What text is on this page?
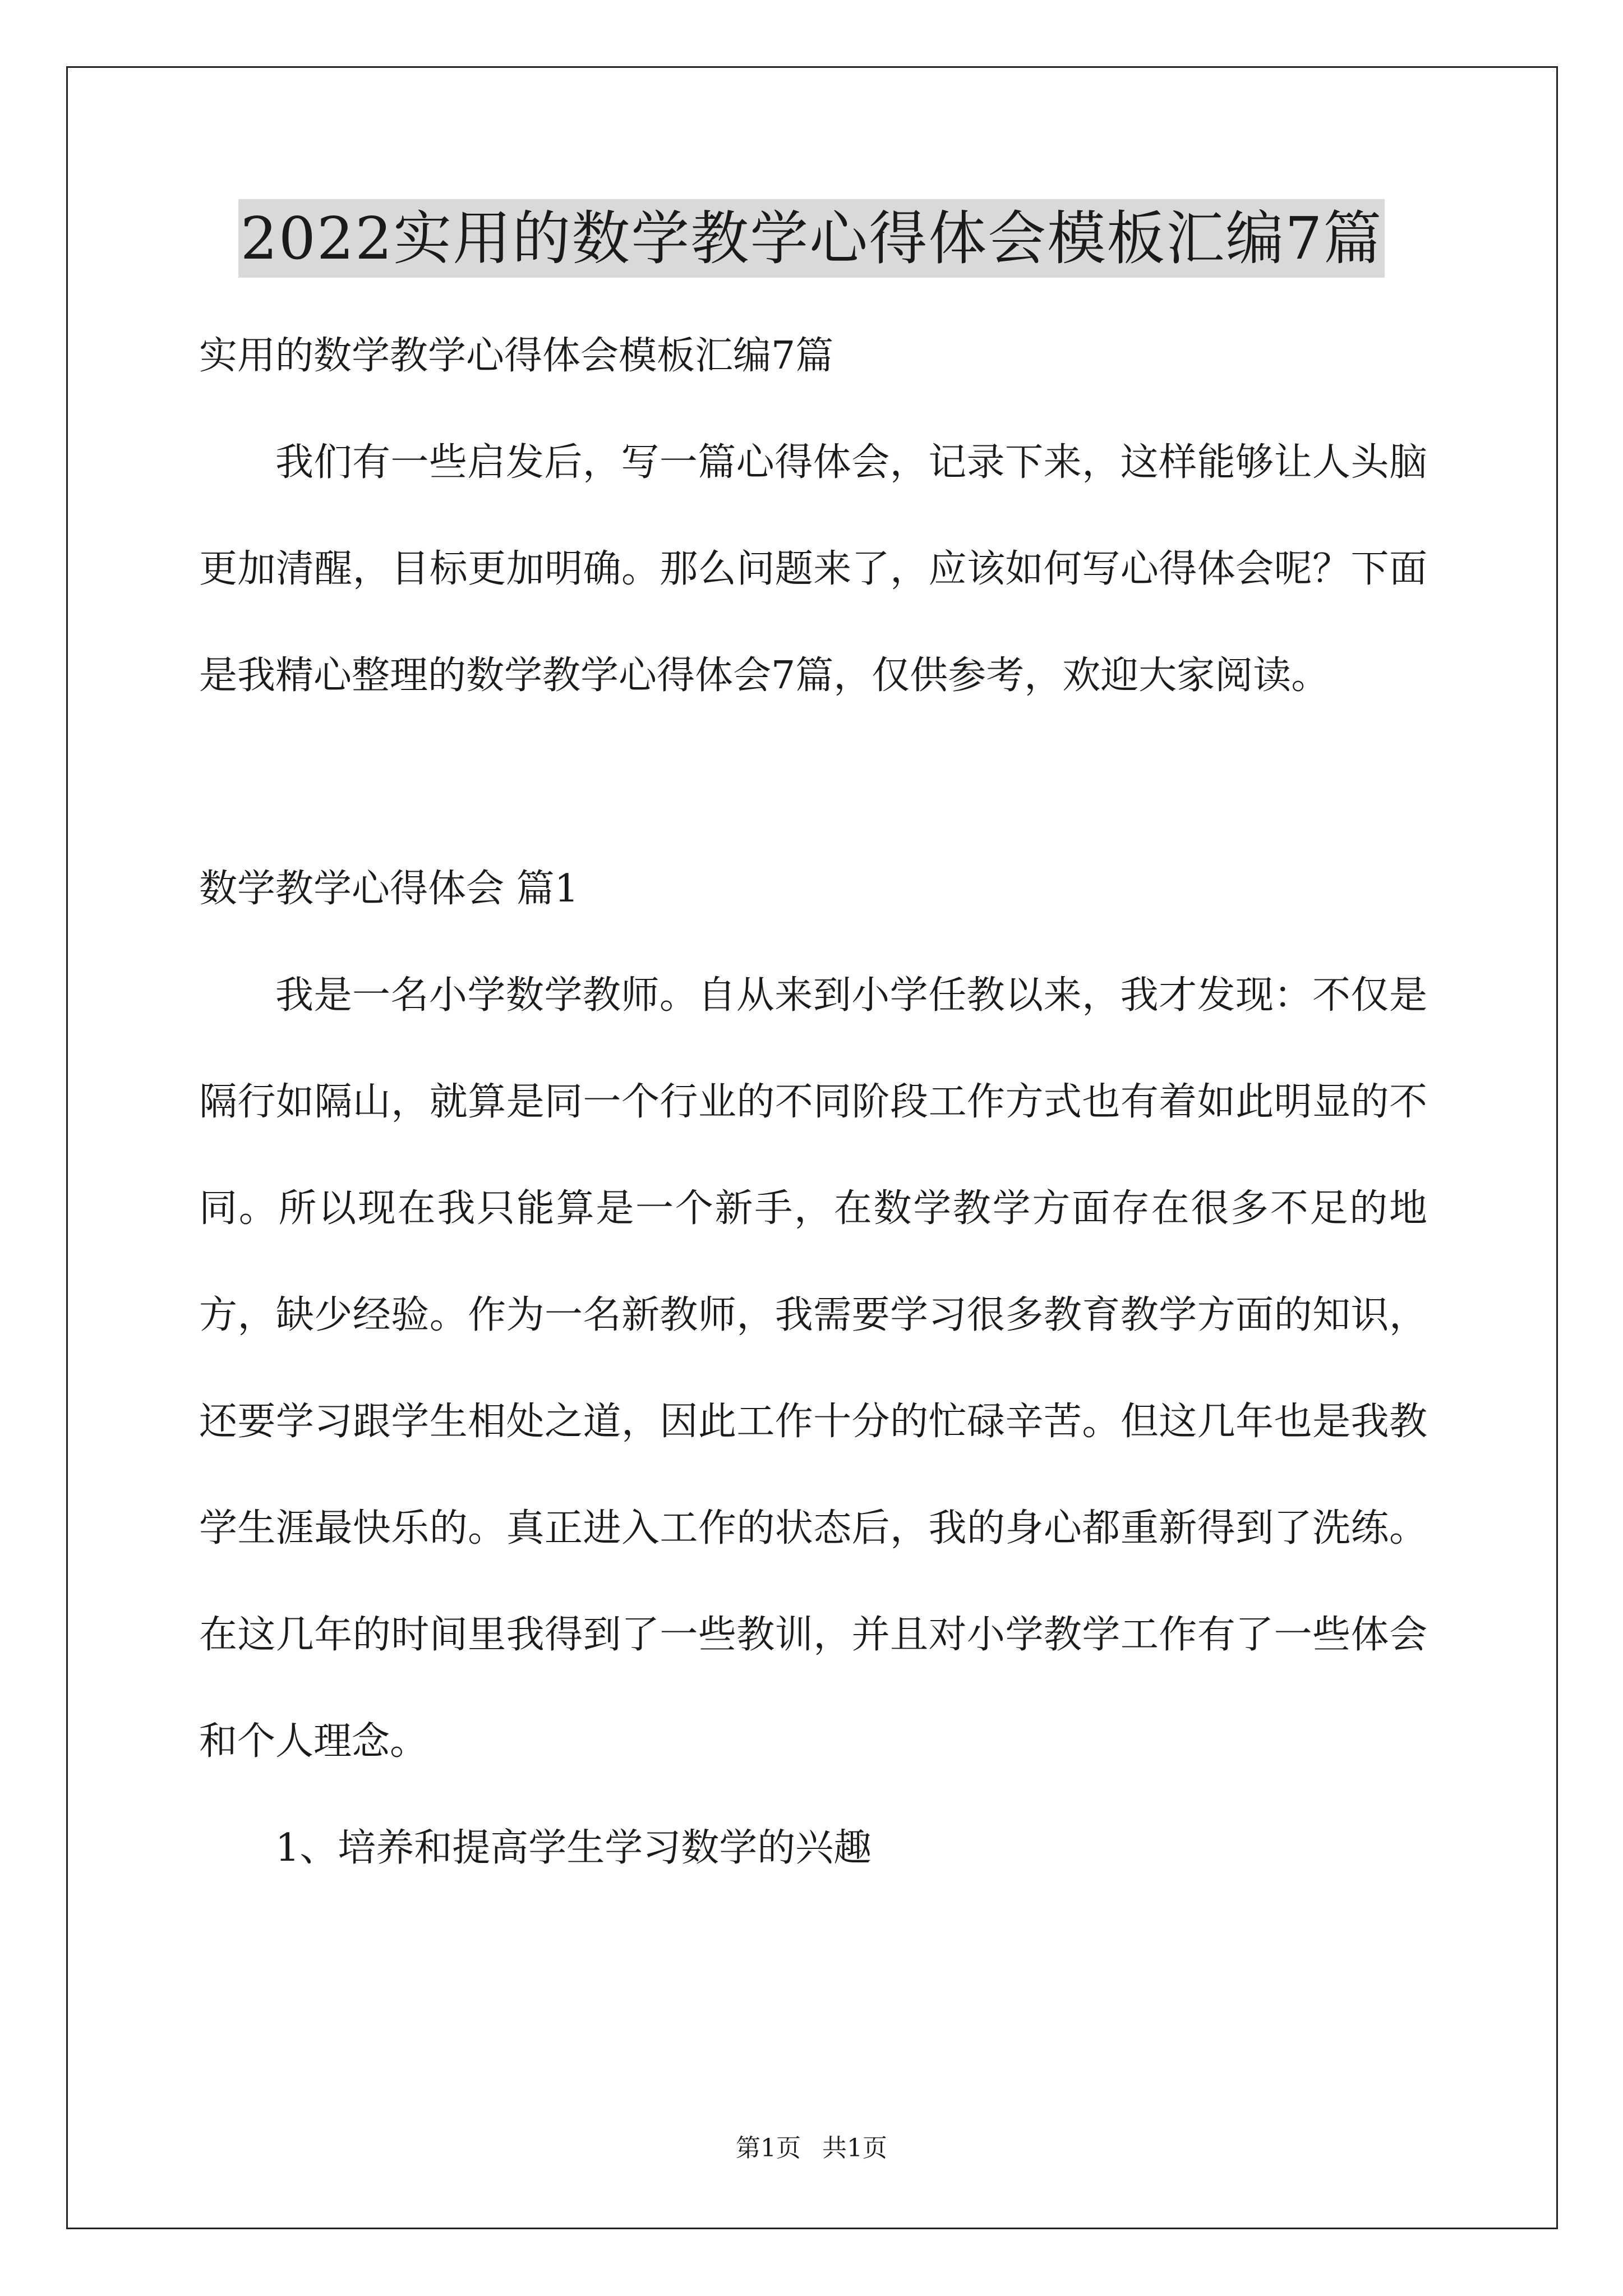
2022实用的数学教学心得体会模板汇编7篇

实用的数学教学心得体会模板汇编7篇

我们有一些启发后，写一篇心得体会，记录下来，这样能够让人头脑更加清醒，目标更加明确。那么问题来了，应该如何写心得体会呢？下面是我精心整理的数学教学心得体会7篇，仅供参考，欢迎大家阅读。

数学教学心得体会 篇1

我是一名小学数学教师。自从来到小学任教以来，我才发现：不仅是隔行如隔山，就算是同一个行业的不同阶段工作方式也有着如此明显的不同。所以现在我只能算是一个新手，在数学教学方面存在很多不足的地方，缺少经验。作为一名新教师，我需要学习很多教育教学方面的知识，还要学习跟学生相处之道，因此工作十分的忙碌辛苦。但这几年也是我教学生涯最快乐的。真正进入工作的状态后，我的身心都重新得到了洗练。在这几年的时间里我得到了一些教训，并且对小学教学工作有了一些体会和个人理念。

1、培养和提高学生学习数学的兴趣

第1页 共1页
